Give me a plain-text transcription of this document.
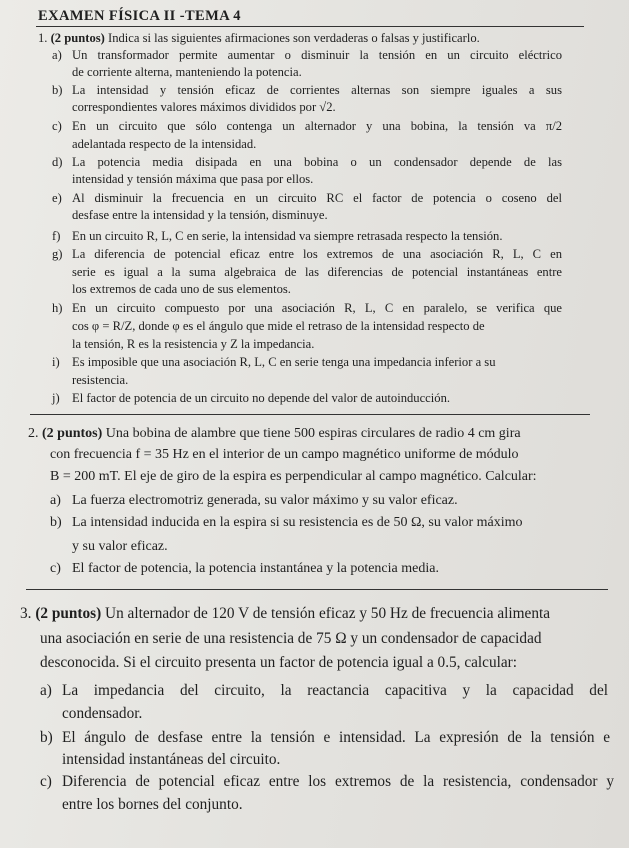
EXAMEN FÍSICA II -TEMA 4
1. (2 puntos) Indica si las siguientes afirmaciones son verdaderas o falsas y justificarlo.
a) Un transformador permite aumentar o disminuir la tensión en un circuito eléctrico
de corriente alterna, manteniendo la potencia.
b) La intensidad y tensión eficaz de corrientes alternas son siempre iguales a sus
correspondientes valores máximos divididos por √2.
c) En un circuito que sólo contenga un alternador y una bobina, la tensión va π/2
adelantada respecto de la intensidad.
d) La potencia media disipada en una bobina o un condensador depende de las
intensidad y tensión máxima que pasa por ellos.
e) Al disminuir la frecuencia en un circuito RC el factor de potencia o coseno del
desfase entre la intensidad y la tensión, disminuye.
f) En un circuito R, L, C en serie, la intensidad va siempre retrasada respecto la tensión.
g) La diferencia de potencial eficaz entre los extremos de una asociación R, L, C en
serie es igual a la suma algebraica de las diferencias de potencial instantáneas entre
los extremos de cada uno de sus elementos.
h) En un circuito compuesto por una asociación R, L, C en paralelo, se verifica que
cos φ = R/Z, donde φ es el ángulo que mide el retraso de la intensidad respecto de
la tensión, R es la resistencia y Z la impedancia.
i) Es imposible que una asociación R, L, C en serie tenga una impedancia inferior a su
resistencia.
j) El factor de potencia de un circuito no depende del valor de autoinducción.
2. (2 puntos) Una bobina de alambre que tiene 500 espiras circulares de radio 4 cm gira
con frecuencia f = 35 Hz en el interior de un campo magnético uniforme de módulo
B = 200 mT. El eje de giro de la espira es perpendicular al campo magnético. Calcular:
a) La fuerza electromotriz generada, su valor máximo y su valor eficaz.
b) La intensidad inducida en la espira si su resistencia es de 50 Ω, su valor máximo
y su valor eficaz.
c) El factor de potencia, la potencia instantánea y la potencia media.
3. (2 puntos) Un alternador de 120 V de tensión eficaz y 50 Hz de frecuencia alimenta
una asociación en serie de una resistencia de 75 Ω y un condensador de capacidad
desconocida. Si el circuito presenta un factor de potencia igual a 0.5, calcular:
a) La impedancia del circuito, la reactancia capacitiva y la capacidad del
condensador.
b) El ángulo de desfase entre la tensión e intensidad. La expresión de la tensión e
intensidad instantáneas del circuito.
c) Diferencia de potencial eficaz entre los extremos de la resistencia, condensador y
entre los bornes del conjunto.
